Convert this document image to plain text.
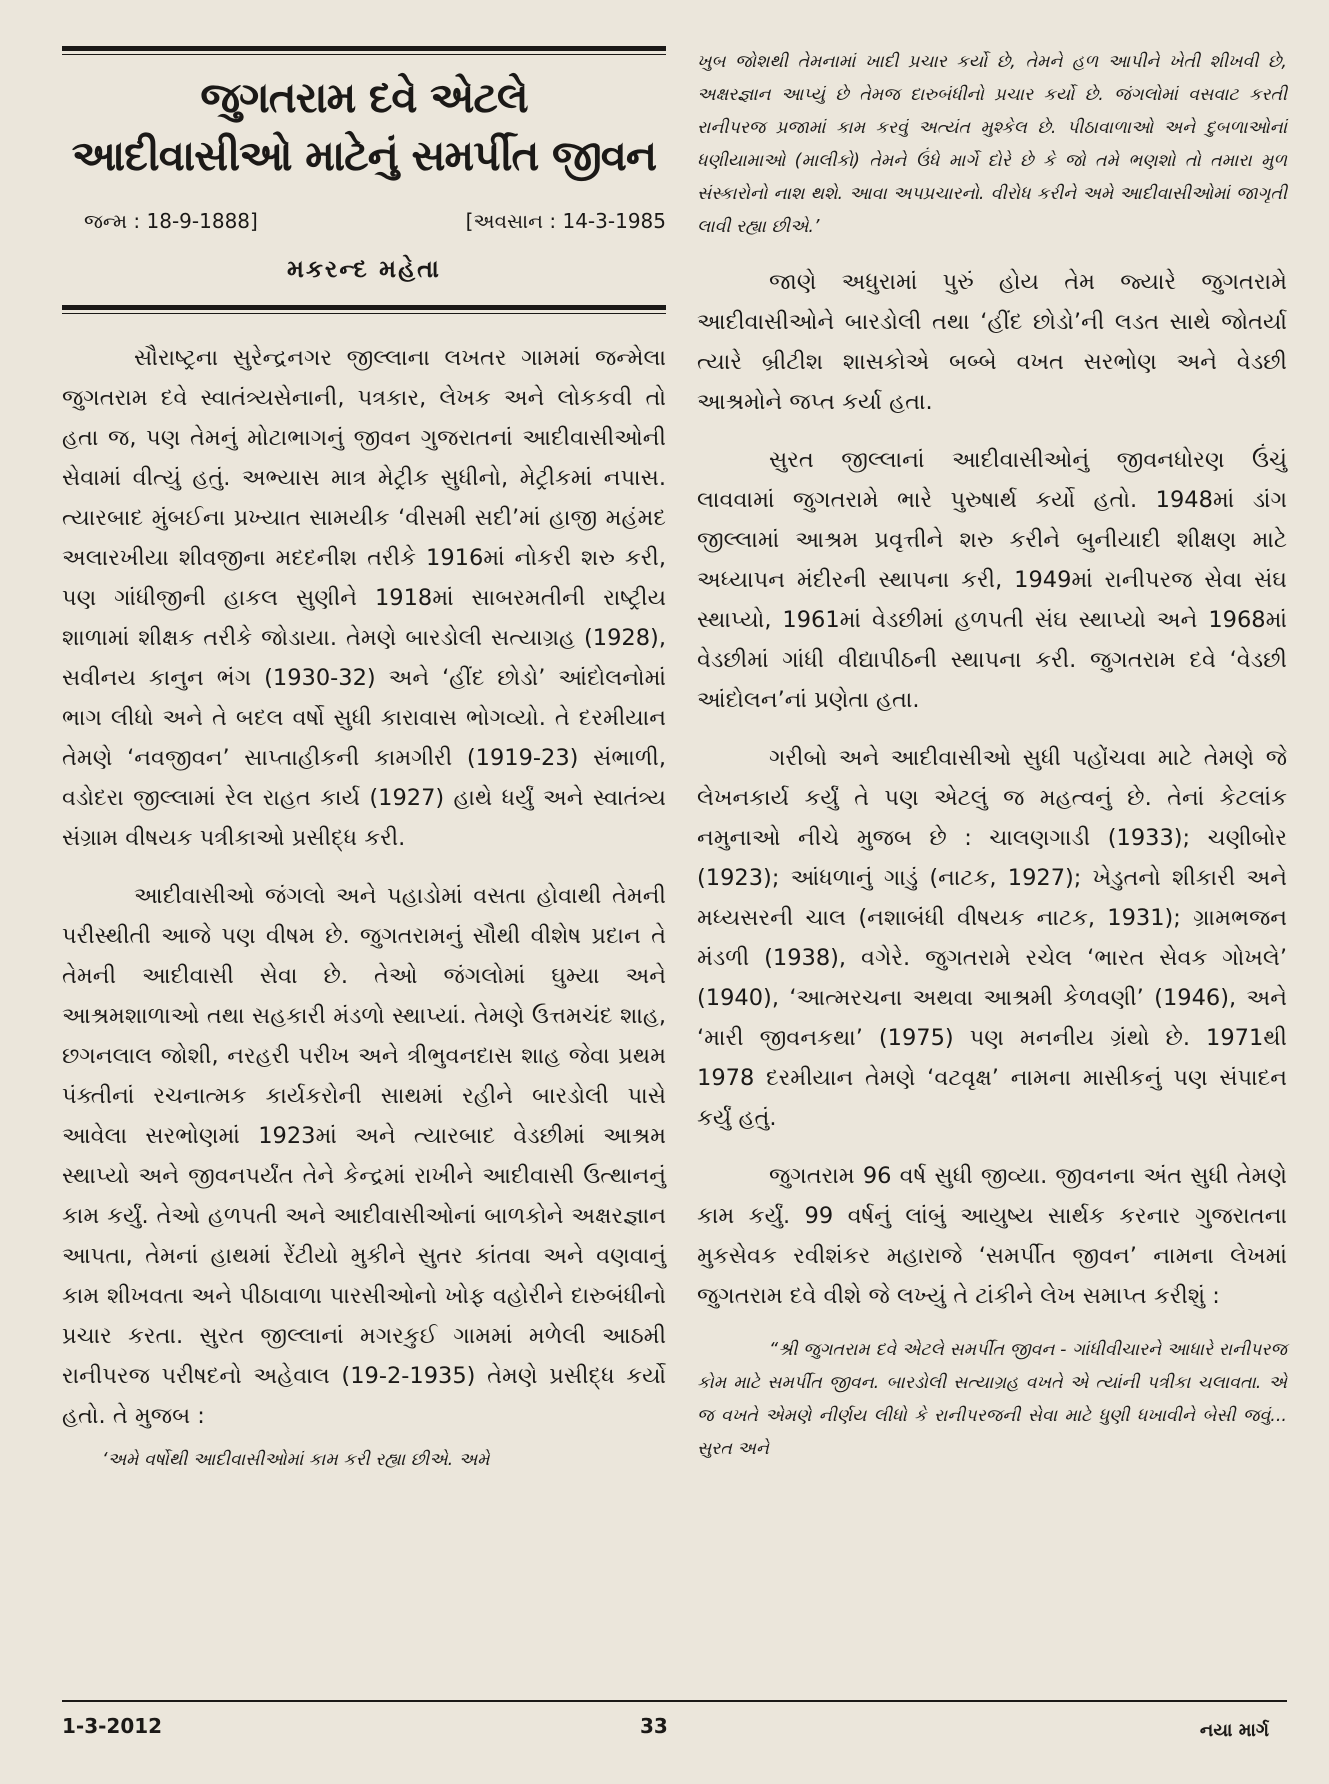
જુગતરામ દવે એટલે
આદીવાસીઓ માટેનું સમર્પીત જીવન
જન્મ : 18-9-1888]	[અવસાન : 14-3-1985
મકરન્દ મહેતા

સૌરાષ્ટ્રના સુરેન્દ્રનગર જીલ્લાના લખતર ગામમાં જન્મેલા જુગતરામ દવે સ્વાતંત્ર્યસેનાની, પત્રકાર, લેખક અને લોકકવી તો હતા જ, પણ તેમનું મોટાભાગનું જીવન ગુજરાતનાં આદીવાસીઓની સેવામાં વીત્યું હતું. અભ્યાસ માત્ર મેટ્રીક સુધીનો, મેટ્રીકમાં નપાસ. ત્યારબાદ મુંબઈના પ્રખ્યાત સામયીક ‘વીસમી સદી’માં હાજી મહંમદ અલારખીયા શીવજીના મદદનીશ તરીકે 1916માં નોકરી શરુ કરી, પણ ગાંધીજીની હાકલ સુણીને 1918માં સાબરમતીની રાષ્ટ્રીય શાળામાં શીક્ષક તરીકે જોડાયા. તેમણે બારડોલી સત્યાગ્રહ (1928), સવીનય કાનુન ભંગ (1930-32) અને ‘હીંદ છોડો’ આંદોલનોમાં ભાગ લીધો અને તે બદલ વર્ષો સુધી કારાવાસ ભોગવ્યો. તે દરમીયાન તેમણે ‘નવજીવન’ સાપ્તાહીકની કામગીરી (1919-23) સંભાળી, વડોદરા જીલ્લામાં રેલ રાહત કાર્ય (1927) હાથે ધર્યું અને સ્વાતંત્ર્ય સંગ્રામ વીષયક પત્રીકાઓ પ્રસીદ્ધ કરી.

આદીવાસીઓ જંગલો અને પહાડોમાં વસતા હોવાથી તેમની પરીસ્થીતી આજે પણ વીષમ છે. જુગતરામનું સૌથી વીશેષ પ્રદાન તે તેમની આદીવાસી સેવા છે. તેઓ જંગલોમાં ઘુમ્યા અને આશ્રમશાળાઓ તથા સહકારી મંડળો સ્થાપ્યાં. તેમણે ઉત્તમચંદ શાહ, છગનલાલ જોશી, નરહરી પરીખ અને ત્રીભુવનદાસ શાહ જેવા પ્રથમ પંક્તીનાં રચનાત્મક કાર્યકરોની સાથમાં રહીને બારડોલી પાસે આવેલા સરભોણમાં 1923માં અને ત્યારબાદ વેડછીમાં આશ્રમ સ્થાપ્યો અને જીવનપર્યંત તેને કેન્દ્રમાં રાખીને આદીવાસી ઉત્થાનનું કામ કર્યું. તેઓ હળપતી અને આદીવાસીઓનાં બાળકોને અક્ષરજ્ઞાન આપતા, તેમનાં હાથમાં રેંટીયો મુકીને સુતર કાંતવા અને વણવાનું કામ શીખવતા અને પીઠાવાળા પારસીઓનો ખોફ વહોરીને દારુબંધીનો પ્રચાર કરતા. સુરત જીલ્લાનાં મગરકુઈ ગામમાં મળેલી આઠમી રાનીપરજ પરીષદનો અહેવાલ (19-2-1935) તેમણે પ્રસીદ્ધ કર્યો હતો. તે મુજબ :

‘અમે વર્ષોથી આદીવાસીઓમાં કામ કરી રહ્યા છીએ. અમે

ખુબ જોશથી તેમનામાં ખાદી પ્રચાર કર્યો છે, તેમને હળ આપીને ખેતી શીખવી છે, અક્ષરજ્ઞાન આપ્યું છે તેમજ દારુબંધીનો પ્રચાર કર્યો છે. જંગલોમાં વસવાટ કરતી રાનીપરજ પ્રજામાં કામ કરવું અત્યંત મુશ્કેલ છે. પીઠાવાળાઓ અને દુબળાઓનાં ધણીયામાઓ (માલીકો) તેમને ઉંધે માર્ગે દોરે છે કે જો તમે ભણશો તો તમારા મુળ સંસ્કારોનો નાશ થશે. આવા અપપ્રચારનો. વીરોધ કરીને અમે આદીવાસીઓમાં જાગૃતી લાવી રહ્યા છીએ.’

જાણે અધુરામાં પુરું હોય તેમ જ્યારે જુગતરામે આદીવાસીઓને બારડોલી તથા ‘હીંદ છોડો’ની લડત સાથે જોતર્યા ત્યારે બ્રીટીશ શાસકોએ બબ્બે વખત સરભોણ અને વેડછી આશ્રમોને જપ્ત કર્યા હતા.

સુરત જીલ્લાનાં આદીવાસીઓનું જીવનધોરણ ઉંચું લાવવામાં જુગતરામે ભારે પુરુષાર્થ કર્યો હતો. 1948માં ડાંગ જીલ્લામાં આશ્રમ પ્રવૃત્તીને શરુ કરીને બુનીયાદી શીક્ષણ માટે અધ્યાપન મંદીરની સ્થાપના કરી, 1949માં રાનીપરજ સેવા સંઘ સ્થાપ્યો, 1961માં વેડછીમાં હળપતી સંઘ સ્થાપ્યો અને 1968માં વેડછીમાં ગાંધી વીદ્યાપીઠની સ્થાપના કરી. જુગતરામ દવે ‘વેડછી આંદોલન’નાં પ્રણેતા હતા.

ગરીબો અને આદીવાસીઓ સુધી પહોંચવા માટે તેમણે જે લેખનકાર્ય કર્યું તે પણ એટલું જ મહત્વનું છે. તેનાં કેટલાંક નમુનાઓ નીચે મુજબ છે : ચાલણગાડી (1933); ચણીબોર (1923); આંધળાનું ગાડું (નાટક, 1927); ખેડુતનો શીકારી અને મધ્યસરની ચાલ (નશાબંધી વીષયક નાટક, 1931); ગ્રામભજન મંડળી (1938), વગેરે. જુગતરામે રચેલ ‘ભારત સેવક ગોખલે’ (1940), ‘આત્મરચના અથવા આશ્રમી કેળવણી’ (1946), અને ‘મારી જીવનકથા’ (1975) પણ મનનીય ગ્રંથો છે. 1971થી 1978 દરમીયાન તેમણે ‘વટવૃક્ષ’ નામના માસીકનું પણ સંપાદન કર્યું હતું.

જુગતરામ 96 વર્ષ સુધી જીવ્યા. જીવનના અંત સુધી તેમણે કામ કર્યું. 99 વર્ષનું લાંબું આયુષ્ય સાર્થક કરનાર ગુજરાતના મુકસેવક રવીશંકર મહારાજે ‘સમર્પીત જીવન’ નામના લેખમાં જુગતરામ દવે વીશે જે લખ્યું તે ટાંકીને લેખ સમાપ્ત કરીશું :

“શ્રી જુગતરામ દવે એટલે સમર્પીત જીવન - ગાંધીવીચારને આધારે રાનીપરજ કોમ માટે સમર્પીત જીવન. બારડોલી સત્યાગ્રહ વખતે એ ત્યાંની પત્રીકા ચલાવતા. એ જ વખતે એમણે નીર્ણય લીધો કે રાનીપરજની સેવા માટે ધુણી ધખાવીને બેસી જવું... સુરત અને

1-3-2012	33	નયા માર્ગ
